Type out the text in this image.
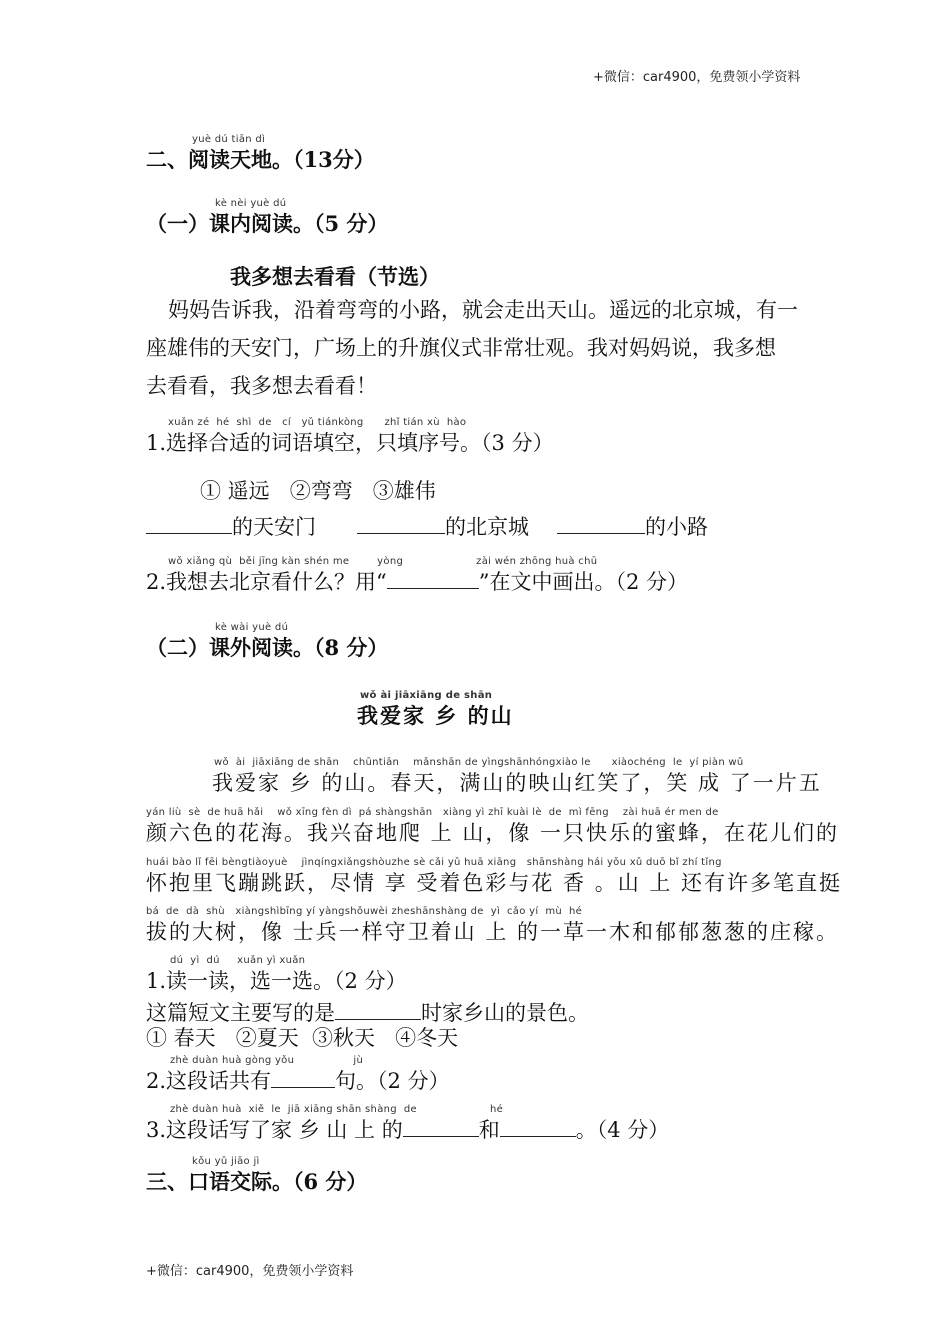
+微信：car4900，免费领小学资料
yuè dú tiān dì
二、阅读天地。（13分）
kè nèi yuè dú
（一）课内阅读。（5 分）
我多想去看看（节选）
妈妈告诉我，沿着弯弯的小路，就会走出天山。遥远的北京城，有一
座雄伟的天安门，广场上的升旗仪式非常壮观。我对妈妈说，我多想
去看看，我多想去看看！
xuǎn zé  hé  shì  de   cí   yǔ tiánkòng      zhǐ tián xù  hào
1.选择合适的词语填空，只填序号。（3 分）
① 遥远   ②弯弯   ③雄伟
的天安门	的北京城	的小路
wǒ xiǎng qù  běi jīng kàn shén me        yòng                     zài wén zhōng huà chū
2.我想去北京看什么？用“	”在文中画出。（2 分）
kè wài yuè dú
（二）课外阅读。（8 分）
wǒ ài jiāxiāng de shān
我爱家 乡 的山
wǒ  ài  jiāxiāng de shān    chūntiān    mǎnshān de yìngshānhóngxiào le      xiàochéng  le  yí piàn wǔ
我爱家 乡 的山。春天，满山的映山红笑了，笑 成 了一片五
yán liù  sè  de huā hǎi    wǒ xīng fèn dì  pá shàngshān   xiàng yì zhī kuài lè  de  mì fēng    zài huā ér men de
颜六色的花海。我兴奋地爬 上 山，像 一只快乐的蜜蜂，在花儿们的
huái bào lǐ fēi bèngtiàoyuè    jìnqíngxiǎngshòuzhe sè cǎi yǔ huā xiāng   shānshàng hái yǒu xǔ duō bǐ zhí tǐng
怀抱里飞蹦跳跃，尽情 享 受着色彩与花 香 。山 上 还有许多笔直挺
bá  de  dà  shù   xiàngshìbīng yí yàngshǒuwèi zheshānshàng de  yì  cǎo yí  mù  hé
拔的大树，像 士兵一样守卫着山 上 的一草一木和郁郁葱葱的庄稼。
dú  yì  dú     xuǎn yì xuǎn
1.读一读，选一选。（2 分）
这篇短文主要写的是	时家乡山的景色。
① 春天   ②夏天  ③秋天   ④冬天
zhè duàn huà gòng yǒu                 jù
2.这段话共有	句。（2 分）
zhè duàn huà  xiě  le  jiā xiāng shān shàng  de                     hé
3.这段话写了家 乡 山 上 的	和	。（4 分）
kǒu yǔ jiāo jì
三、口语交际。（6 分）
+微信：car4900，免费领小学资料
